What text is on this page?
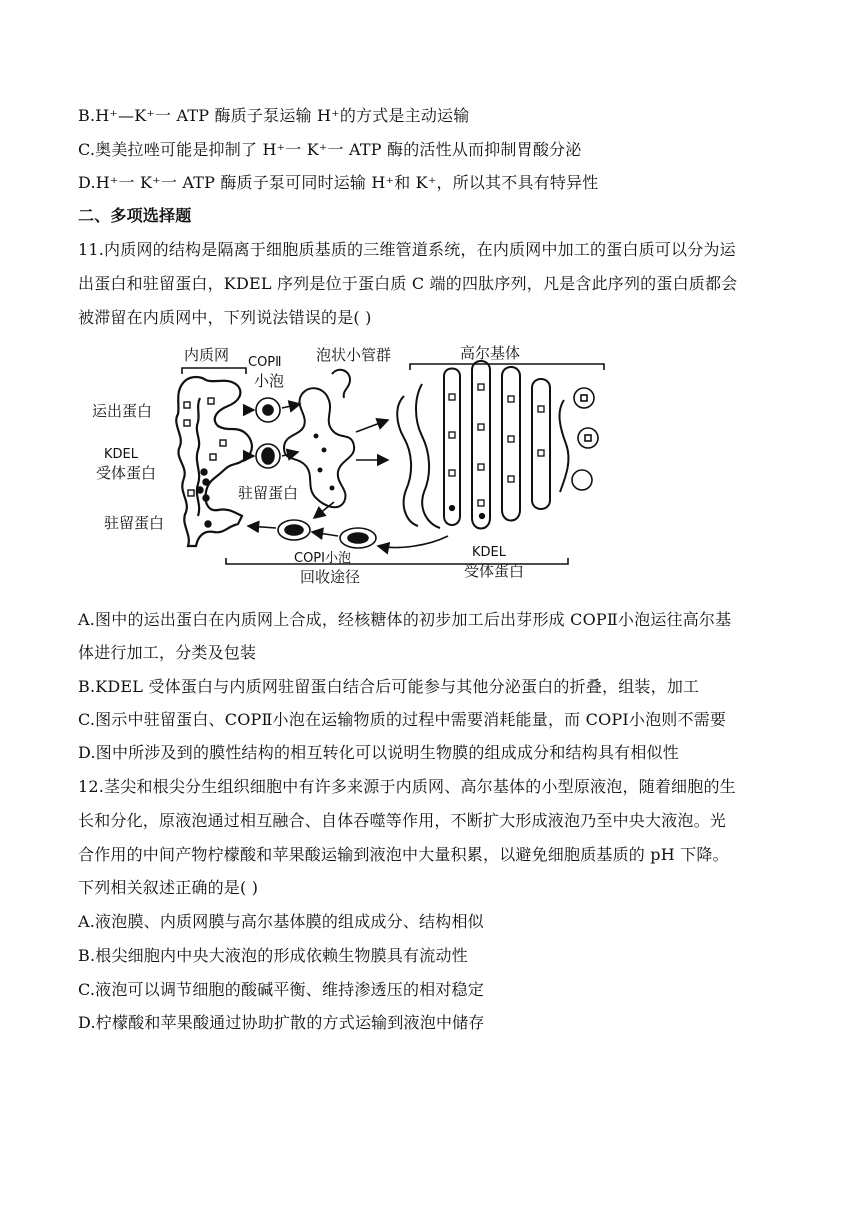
B.H⁺—K⁺一 ATP 酶质子泵运输 H⁺的方式是主动运输
C.奥美拉唑可能是抑制了 H⁺一 K⁺一 ATP 酶的活性从而抑制胃酸分泌
D.H⁺一 K⁺一 ATP 酶质子泵可同时运输 H⁺和 K⁺，所以其不具有特异性
二、多项选择题
11.内质网的结构是隔离于细胞质基质的三维管道系统，在内质网中加工的蛋白质可以分为运
出蛋白和驻留蛋白，KDEL 序列是位于蛋白质 C 端的四肽序列，凡是含此序列的蛋白质都会
被滞留在内质网中，下列说法错误的是( )
内质网 COPⅡ
小泡
泡状小管群	高尔基体
运出蛋白
KDEL
受体蛋白
驻留蛋白
驻留蛋白
COPⅠ小泡
回收途径
KDEL
受体蛋白
A.图中的运出蛋白在内质网上合成，经核糖体的初步加工后出芽形成 COPⅡ小泡运往高尔基
体进行加工，分类及包装
B.KDEL 受体蛋白与内质网驻留蛋白结合后可能参与其他分泌蛋白的折叠，组装，加工
C.图示中驻留蛋白、COPⅡ小泡在运输物质的过程中需要消耗能量，而 COPⅠ小泡则不需要
D.图中所涉及到的膜性结构的相互转化可以说明生物膜的组成成分和结构具有相似性
12.茎尖和根尖分生组织细胞中有许多来源于内质网、高尔基体的小型原液泡，随着细胞的生
长和分化，原液泡通过相互融合、自体吞噬等作用，不断扩大形成液泡乃至中央大液泡。光
合作用的中间产物柠檬酸和苹果酸运输到液泡中大量积累，以避免细胞质基质的 pH 下降。
下列相关叙述正确的是( )
A.液泡膜、内质网膜与高尔基体膜的组成成分、结构相似
B.根尖细胞内中央大液泡的形成依赖生物膜具有流动性
C.液泡可以调节细胞的酸碱平衡、维持渗透压的相对稳定
D.柠檬酸和苹果酸通过协助扩散的方式运输到液泡中储存
